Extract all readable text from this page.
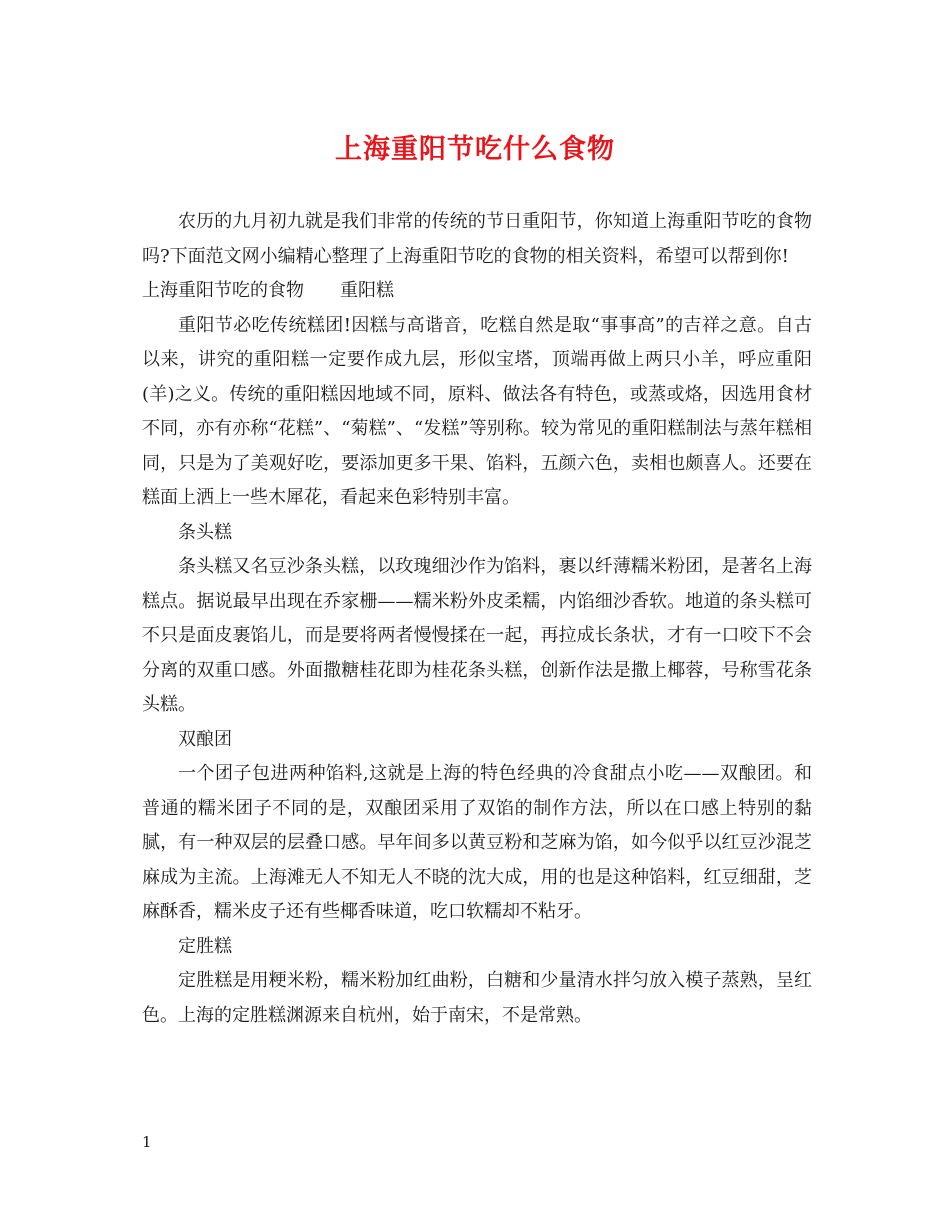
上海重阳节吃什么食物

农历的九月初九就是我们非常的传统的节日重阳节，你知道上海重阳节吃的食物吗?下面范文网小编精心整理了上海重阳节吃的食物的相关资料，希望可以帮到你!

上海重阳节吃的食物　　重阳糕

重阳节必吃传统糕团!因糕与高谐音，吃糕自然是取“事事高”的吉祥之意。自古以来，讲究的重阳糕一定要作成九层，形似宝塔，顶端再做上两只小羊，呼应重阳(羊)之义。传统的重阳糕因地域不同，原料、做法各有特色，或蒸或烙，因选用食材不同，亦有亦称“花糕”、“菊糕”、“发糕”等别称。较为常见的重阳糕制法与蒸年糕相同，只是为了美观好吃，要添加更多干果、馅料，五颜六色，卖相也颇喜人。还要在糕面上洒上一些木犀花，看起来色彩特别丰富。

条头糕

条头糕又名豆沙条头糕，以玫瑰细沙作为馅料，裹以纤薄糯米粉团，是著名上海糕点。据说最早出现在乔家栅——糯米粉外皮柔糯，内馅细沙香软。地道的条头糕可不只是面皮裹馅儿，而是要将两者慢慢揉在一起，再拉成长条状，才有一口咬下不会分离的双重口感。外面撒糖桂花即为桂花条头糕，创新作法是撒上椰蓉，号称雪花条头糕。

双酿团

一个团子包进两种馅料,这就是上海的特色经典的冷食甜点小吃——双酿团。和普通的糯米团子不同的是，双酿团采用了双馅的制作方法，所以在口感上特别的黏腻，有一种双层的层叠口感。早年间多以黄豆粉和芝麻为馅，如今似乎以红豆沙混芝麻成为主流。上海滩无人不知无人不晓的沈大成，用的也是这种馅料，红豆细甜，芝麻酥香，糯米皮子还有些椰香味道，吃口软糯却不粘牙。

定胜糕

定胜糕是用粳米粉，糯米粉加红曲粉，白糖和少量清水拌匀放入模子蒸熟，呈红色。上海的定胜糕渊源来自杭州，始于南宋，不是常熟。

1
